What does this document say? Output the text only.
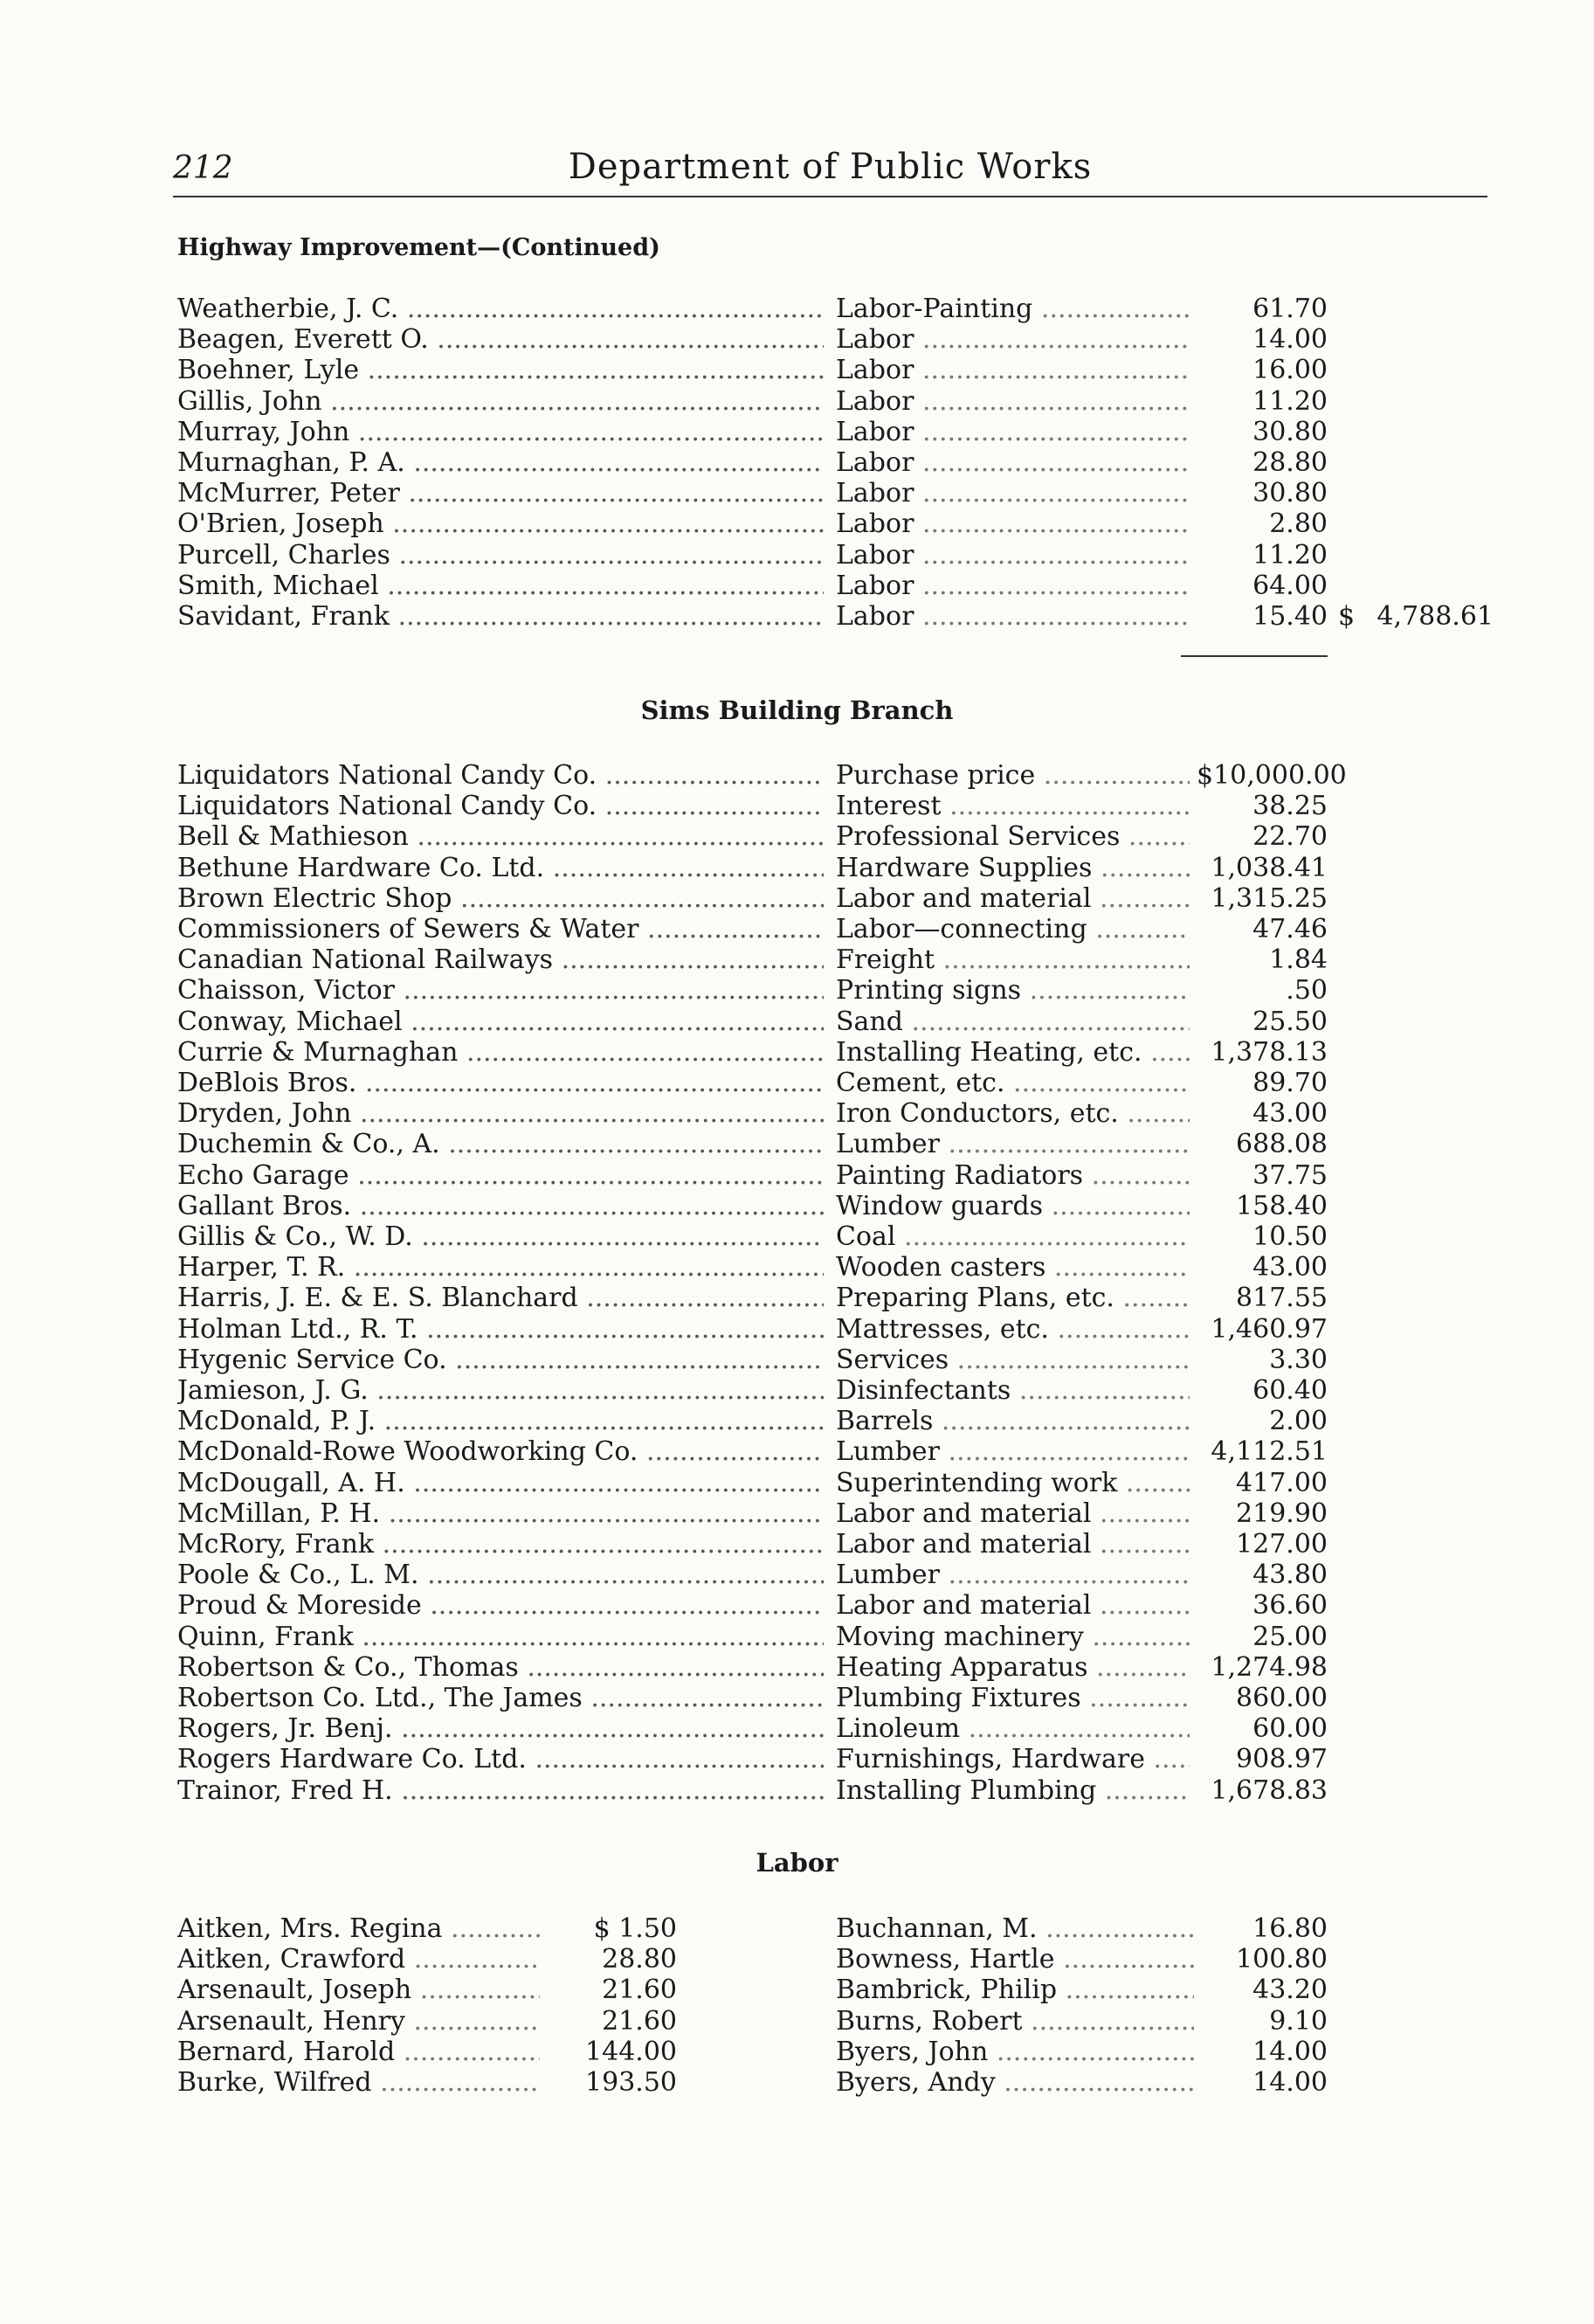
212	Department of Public Works
Highway Improvement—(Continued)
Weatherbie, J. C. .....	Labor-Painting .....	61.70
Beagen, Everett O. .....	Labor .....	14.00
Boehner, Lyle .....	Labor .....	16.00
Gillis, John .....	Labor .....	11.20
Murray, John .....	Labor .....	30.80
Murnaghan, P. A. .....	Labor .....	28.80
McMurrer, Peter .....	Labor .....	30.80
O'Brien, Joseph .....	Labor .....	2.80
Purcell, Charles .....	Labor .....	11.20
Smith, Michael .....	Labor .....	64.00
Savidant, Frank .....	Labor .....	15.40 $ 4,788.61
Sims Building Branch
Liquidators National Candy Co. .....	Purchase price .....	$10,000.00
Liquidators National Candy Co. .....	Interest .....	38.25
Bell & Mathieson .....	Professional Services .....	22.70
Bethune Hardware Co. Ltd. .....	Hardware Supplies .....	1,038.41
Brown Electric Shop .....	Labor and material .....	1,315.25
Commissioners of Sewers & Water .....	Labor—connecting .....	47.46
Canadian National Railways .....	Freight .....	1.84
Chaisson, Victor .....	Printing signs .....	.50
Conway, Michael .....	Sand .....	25.50
Currie & Murnaghan .....	Installing Heating, etc. .....	1,378.13
DeBlois Bros. .....	Cement, etc. .....	89.70
Dryden, John .....	Iron Conductors, etc. .....	43.00
Duchemin & Co., A. .....	Lumber .....	688.08
Echo Garage .....	Painting Radiators .....	37.75
Gallant Bros. .....	Window guards .....	158.40
Gillis & Co., W. D. .....	Coal .....	10.50
Harper, T. R. .....	Wooden casters .....	43.00
Harris, J. E. & E. S. Blanchard .....	Preparing Plans, etc. .....	817.55
Holman Ltd., R. T. .....	Mattresses, etc. .....	1,460.97
Hygenic Service Co. .....	Services .....	3.30
Jamieson, J. G. .....	Disinfectants .....	60.40
McDonald, P. J. .....	Barrels .....	2.00
McDonald-Rowe Woodworking Co. .....	Lumber .....	4,112.51
McDougall, A. H. .....	Superintending work .....	417.00
McMillan, P. H. .....	Labor and material .....	219.90
McRory, Frank .....	Labor and material .....	127.00
Poole & Co., L. M. .....	Lumber .....	43.80
Proud & Moreside .....	Labor and material .....	36.60
Quinn, Frank .....	Moving machinery .....	25.00
Robertson & Co., Thomas .....	Heating Apparatus .....	1,274.98
Robertson Co. Ltd., The James .....	Plumbing Fixtures .....	860.00
Rogers, Jr. Benj. .....	Linoleum .....	60.00
Rogers Hardware Co. Ltd. .....	Furnishings, Hardware .....	908.97
Trainor, Fred H. .....	Installing Plumbing .....	1,678.83
Labor
Aitken, Mrs. Regina .....	$ 1.50	Buchannan, M. .....	16.80
Aitken, Crawford .....	28.80	Bowness, Hartle .....	100.80
Arsenault, Joseph .....	21.60	Bambrick, Philip .....	43.20
Arsenault, Henry .....	21.60	Burns, Robert .....	9.10
Bernard, Harold .....	144.00	Byers, John .....	14.00
Burke, Wilfred .....	193.50	Byers, Andy .....	14.00
